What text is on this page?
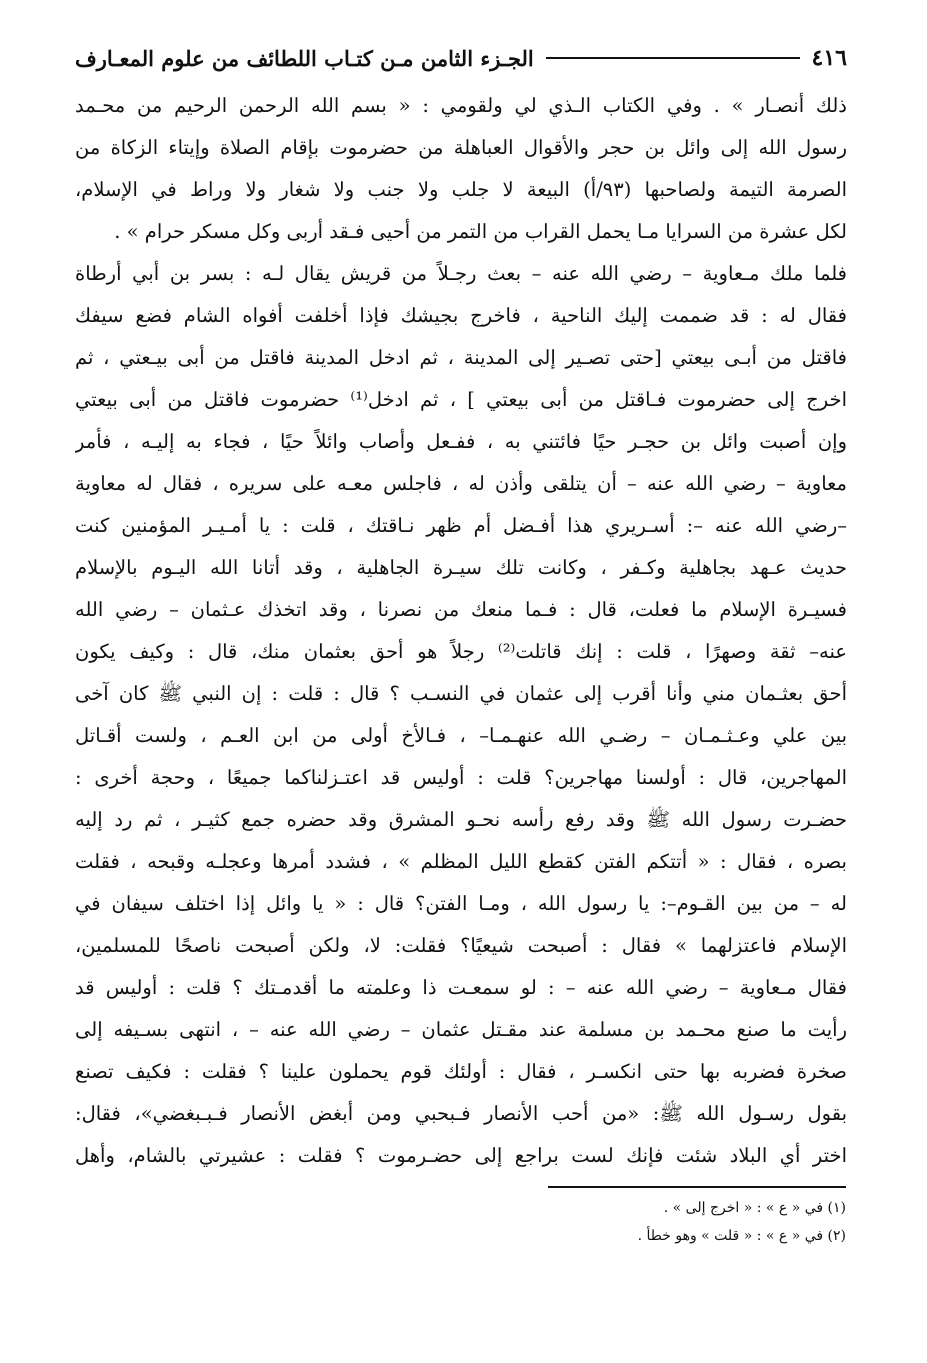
٤١٦
الجـزء الثامن مـن كتـاب اللطائف من علوم المعـارف
ذلك أنصـار » . وفي الكتاب الـذي لي ولقومي : « بسم الله الرحمن الرحيم من محـمد
رسول الله إلى وائل بن حجر والأقوال العباهلة من حضرموت بإقام الصلاة وإيتاء الزكاة من
الصرمة التيمة ولصاحبها (٩٣/أ) البيعة لا جلب ولا جنب ولا شغار ولا وراط في الإسلام،
لكل عشرة من السرايا مـا يحمل القراب من التمر من أحيى فـقد أربى وكل مسكر حرام » .
فلما ملك مـعاوية – رضي الله عنه – بعث رجـلاً من قريش يقال لـه : بسر بن أبي أرطاة
فقال له : قد ضممت إليك الناحية ، فاخرج بجيشك فإذا أخلفت أفواه الشام فضع سيفك
فاقتل من أبـى بيعتي [حتى تصـير إلى المدينة ، ثم ادخل المدينة فاقتل من أبى بيـعتي ، ثم
اخرج إلى حضرموت فـاقتل من أبى بيعتي ] ، ثم ادخل⁽¹⁾ حضرموت فاقتل من أبى بيعتي
وإن أصبت وائل بن حجـر حيًا فائتني به ، ففـعل وأصاب وائلاً حيًا ، فجاء به إليـه ، فأمر
معاوية – رضي الله عنه – أن يتلقى وأذن له ، فاجلس معـه على سريره ، فقال له معاوية
–رضي الله عنه –: أسـريري هذا أفـضل أم ظهر نـاقتك ، قلت : يا أمـيـر المؤمنين كنت
حديث عـهد بجاهلية وكـفر ، وكانت تلك سيـرة الجاهلية ، وقد أتانا الله اليـوم بالإسلام
فسيـرة الإسلام ما فعلت، قال : فـما منعك من نصرنا ، وقد اتخذك عـثمان – رضي الله
عنه– ثقة وصهرًا ، قلت : إنك قاتلت⁽²⁾ رجلاً هو أحق بعثمان منك، قال : وكيف يكون
أحق بعثـمان مني وأنا أقرب إلى عثمان في النسـب ؟ قال : قلت : إن النبي ﷺ كان آخى
بين علي وعـثـمـان – رضـي الله عنهـمـا– ، فـالأخ أولى من ابن العـم ، ولست أقـاتل
المهاجرين، قال : أولسنا مهاجرين؟ قلت : أوليس قد اعتـزلناكما جميعًا ، وحجة أخرى :
حضـرت رسول الله ﷺ وقد رفع رأسه نحـو المشرق وقد حضره جمع كثيـر ، ثم رد إليه
بصره ، فقال : « أتتكم الفتن كقطع الليل المظلم » ، فشدد أمرها وعجلـه وقبحه ، فقلت
له – من بين القـوم–: يا رسول الله ، ومـا الفتن؟ قال : « يا وائل إذا اختلف سيفان في
الإسلام فاعتزلهما » فقال : أصبحت شيعيًا؟ فقلت: لا، ولكن أصبحت ناصحًا للمسلمين،
فقال مـعاوية – رضي الله عنه – : لو سمعـت ذا وعلمته ما أقدمـتك ؟ قلت : أوليس قد
رأيت ما صنع محـمد بن مسلمة عند مقـتل عثمان – رضي الله عنه – ، انتهى بسـيفه إلى
صخرة فضربه بها حتى انكسـر ، فقال : أولئك قوم يحملون علينا ؟ فقلت : فكيف تصنع
بقول رسـول الله ﷺ: «من أحب الأنصار فـبحبي ومن أبغض الأنصار فـبـبغضي»، فقال:
اختر أي البلاد شئت فإنك لست براجع إلى حضـرموت ؟ فقلت : عشيرتي بالشام، وأهل
(١) في « ع » : « اخرج إلى » .
(٢) في « ع » : « قلت » وهو خطأ .
